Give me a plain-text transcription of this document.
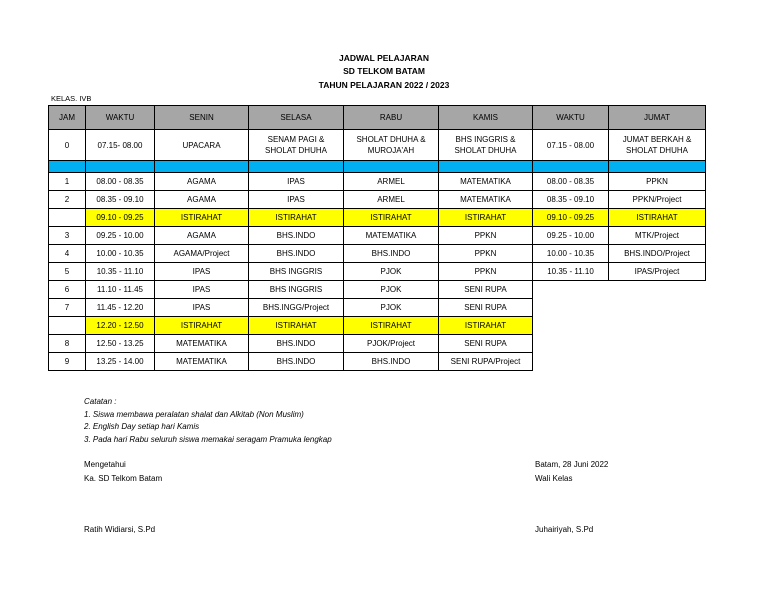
JADWAL PELAJARAN
SD TELKOM BATAM
TAHUN PELAJARAN 2022 / 2023
KELAS. IVB
JAM	WAKTU	SENIN	SELASA	RABU	KAMIS	WAKTU	JUMAT
0	07.15- 08.00	UPACARA	SENAM PAGI & SHOLAT DHUHA	SHOLAT DHUHA & MUROJA'AH	BHS INGGRIS & SHOLAT DHUHA	07.15 - 08.00	JUMAT BERKAH & SHOLAT DHUHA

1	08.00 - 08.35	AGAMA	IPAS	ARMEL	MATEMATIKA	08.00 - 08.35	PPKN
2	08.35 - 09.10	AGAMA	IPAS	ARMEL	MATEMATIKA	08.35 - 09.10	PPKN/Project
	09.10 - 09.25	ISTIRAHAT	ISTIRAHAT	ISTIRAHAT	ISTIRAHAT	09.10 - 09.25	ISTIRAHAT
3	09.25 - 10.00	AGAMA	BHS.INDO	MATEMATIKA	PPKN	09.25 - 10.00	MTK/Project
4	10.00 - 10.35	AGAMA/Project	BHS.INDO	BHS.INDO	PPKN	10.00 - 10.35	BHS.INDO/Project
5	10.35 - 11.10	IPAS	BHS INGGRIS	PJOK	PPKN	10.35 - 11.10	IPAS/Project
6	11.10 - 11.45	IPAS	BHS INGGRIS	PJOK	SENI RUPA		
7	11.45 - 12.20	IPAS	BHS.INGG/Project	PJOK	SENI RUPA		
	12.20 - 12.50	ISTIRAHAT	ISTIRAHAT	ISTIRAHAT	ISTIRAHAT		
8	12.50 - 13.25	MATEMATIKA	BHS.INDO	PJOK/Project	SENI RUPA		
9	13.25 - 14.00	MATEMATIKA	BHS.INDO	BHS.INDO	SENI RUPA/Project		
Catatan :
1. Siswa membawa peralatan shalat dan Alkitab (Non Muslim)
2. English Day setiap hari Kamis
3. Pada hari Rabu seluruh siswa memakai seragam Pramuka lengkap
Mengetahui
Ka. SD Telkom Batam
Ratih Widiarsi, S.Pd
Batam, 28 Juni 2022
Wali Kelas
Juhairiyah, S.Pd
